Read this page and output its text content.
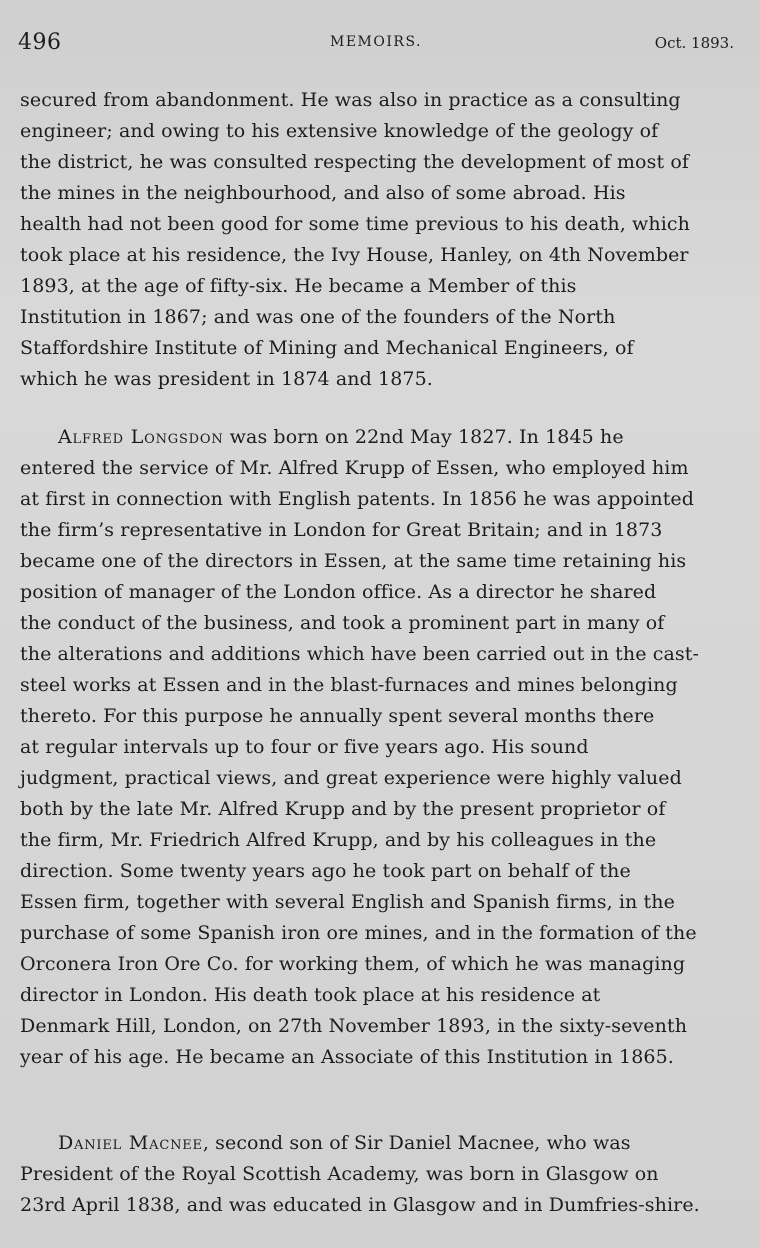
496	MEMOIRS.	Oct. 1893.

secured from abandonment. He was also in practice as a consulting

engineer; and owing to his extensive knowledge of the geology of

the district, he was consulted respecting the development of most of

the mines in the neighbourhood, and also of some abroad. His

health had not been good for some time previous to his death, which

took place at his residence, the Ivy House, Hanley, on 4th November

1893, at the age of fifty-six. He became a Member of this

Institution in 1867; and was one of the founders of the North

Staffordshire Institute of Mining and Mechanical Engineers, of

which he was president in 1874 and 1875.

Alfred Longsdon was born on 22nd May 1827. In 1845 he

entered the service of Mr. Alfred Krupp of Essen, who employed him

at first in connection with English patents. In 1856 he was appointed

the firm’s representative in London for Great Britain; and in 1873

became one of the directors in Essen, at the same time retaining his

position of manager of the London office. As a director he shared

the conduct of the business, and took a prominent part in many of

the alterations and additions which have been carried out in the cast-

steel works at Essen and in the blast-furnaces and mines belonging

thereto. For this purpose he annually spent several months there

at regular intervals up to four or five years ago. His sound

judgment, practical views, and great experience were highly valued

both by the late Mr. Alfred Krupp and by the present proprietor of

the firm, Mr. Friedrich Alfred Krupp, and by his colleagues in the

direction. Some twenty years ago he took part on behalf of the

Essen firm, together with several English and Spanish firms, in the

purchase of some Spanish iron ore mines, and in the formation of the

Orconera Iron Ore Co. for working them, of which he was managing

director in London. His death took place at his residence at

Denmark Hill, London, on 27th November 1893, in the sixty-seventh

year of his age. He became an Associate of this Institution in 1865.

Daniel Macnee, second son of Sir Daniel Macnee, who was

President of the Royal Scottish Academy, was born in Glasgow on

23rd April 1838, and was educated in Glasgow and in Dumfries-shire.
